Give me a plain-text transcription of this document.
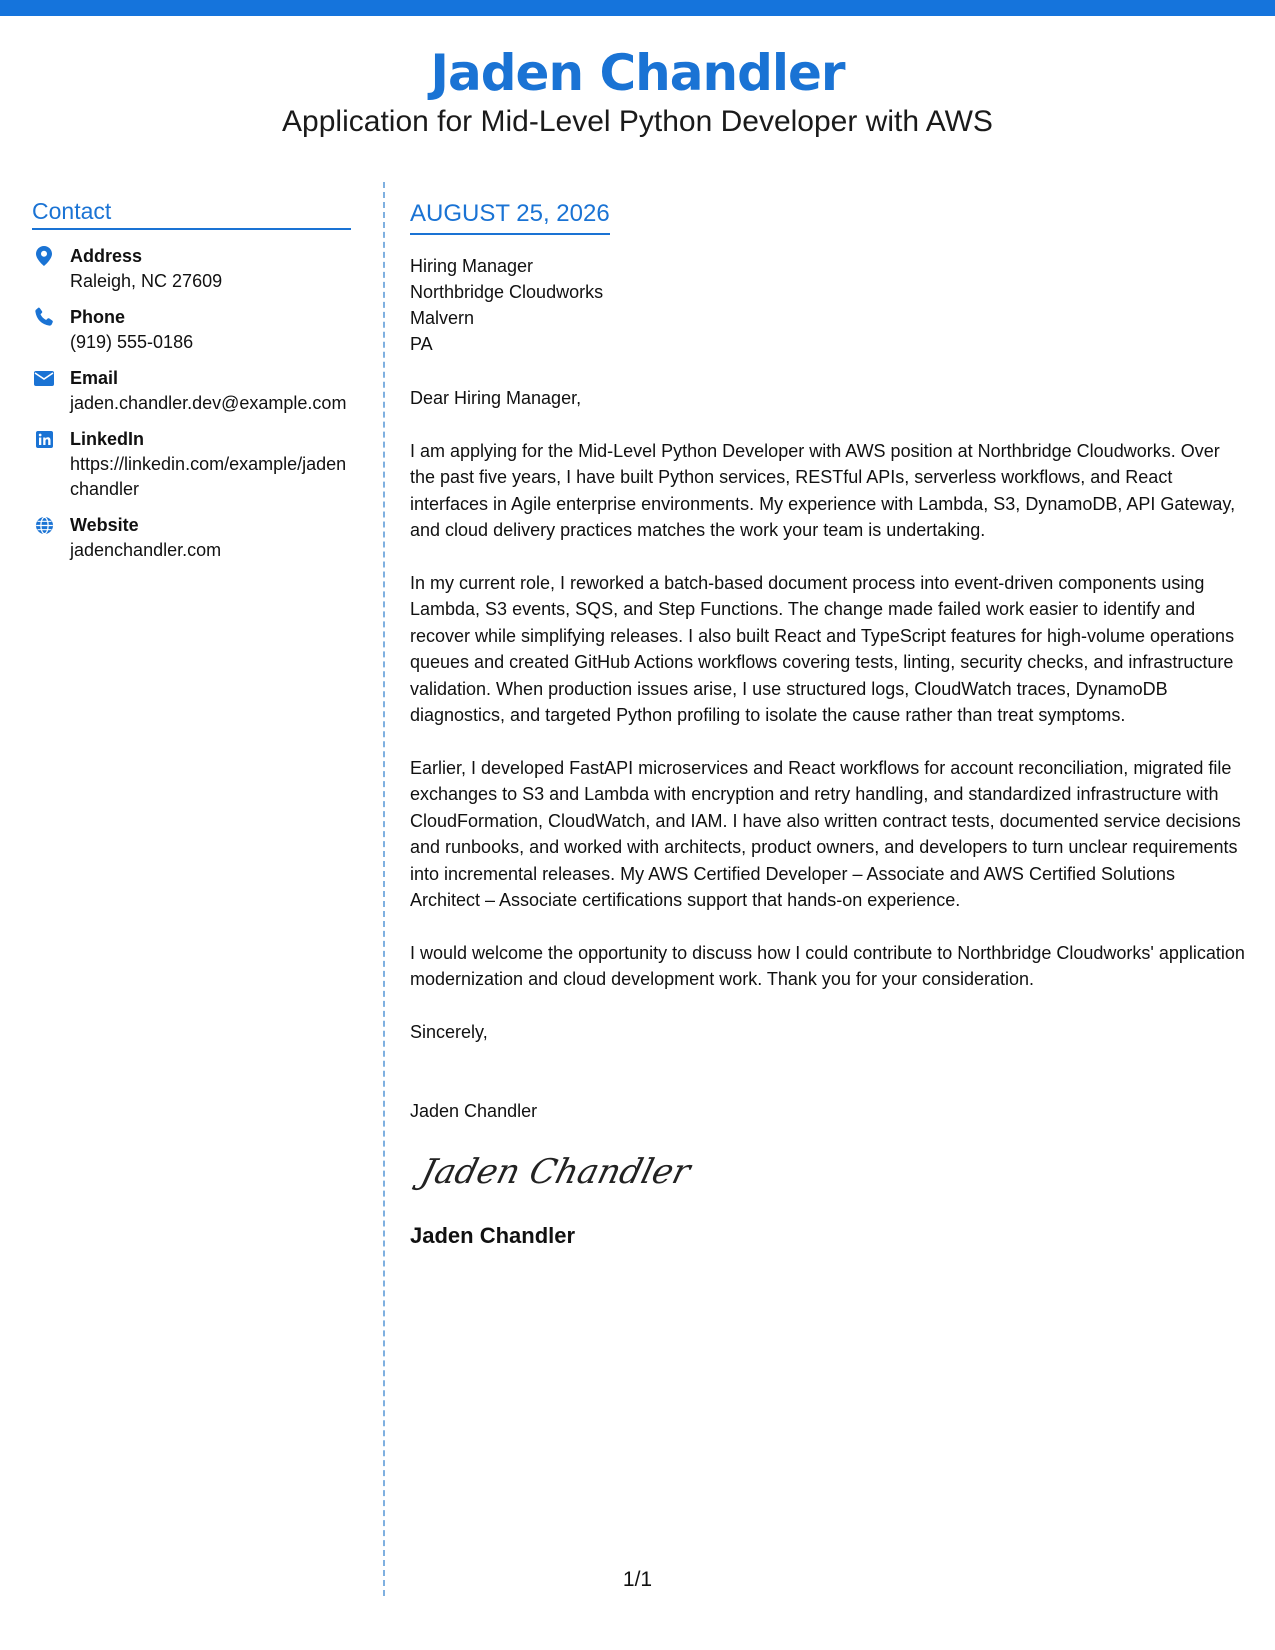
Jaden Chandler
Application for Mid-Level Python Developer with AWS
Contact
Address
Raleigh, NC 27609
Phone
(919) 555-0186
Email
jaden.chandler.dev@example.com
LinkedIn
https://linkedin.com/example/jadenchandler
Website
jadenchandler.com
AUGUST 25, 2026
Hiring Manager
Northbridge Cloudworks
Malvern
PA
Dear Hiring Manager,
I am applying for the Mid-Level Python Developer with AWS position at Northbridge Cloudworks. Over the past five years, I have built Python services, RESTful APIs, serverless workflows, and React interfaces in Agile enterprise environments. My experience with Lambda, S3, DynamoDB, API Gateway, and cloud delivery practices matches the work your team is undertaking.
In my current role, I reworked a batch-based document process into event-driven components using Lambda, S3 events, SQS, and Step Functions. The change made failed work easier to identify and recover while simplifying releases. I also built React and TypeScript features for high-volume operations queues and created GitHub Actions workflows covering tests, linting, security checks, and infrastructure validation. When production issues arise, I use structured logs, CloudWatch traces, DynamoDB diagnostics, and targeted Python profiling to isolate the cause rather than treat symptoms.
Earlier, I developed FastAPI microservices and React workflows for account reconciliation, migrated file exchanges to S3 and Lambda with encryption and retry handling, and standardized infrastructure with CloudFormation, CloudWatch, and IAM. I have also written contract tests, documented service decisions and runbooks, and worked with architects, product owners, and developers to turn unclear requirements into incremental releases. My AWS Certified Developer – Associate and AWS Certified Solutions Architect – Associate certifications support that hands-on experience.
I would welcome the opportunity to discuss how I could contribute to Northbridge Cloudworks' application modernization and cloud development work. Thank you for your consideration.
Sincerely,
Jaden Chandler
Jaden Chandler
Jaden Chandler
1/1
